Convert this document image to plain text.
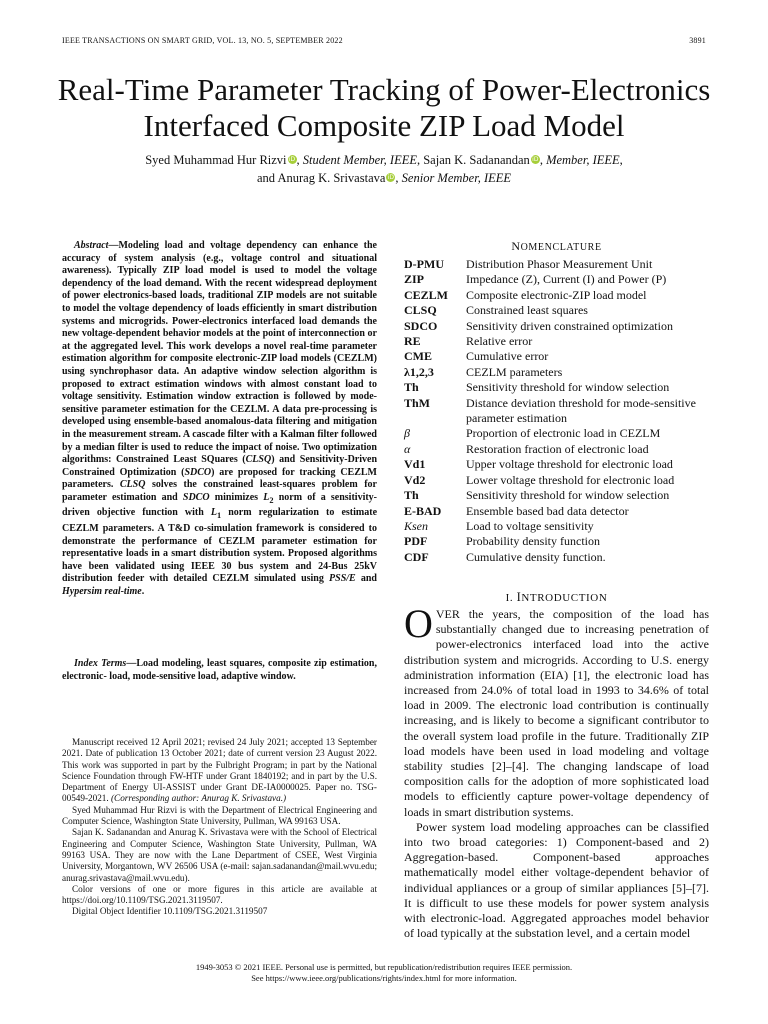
IEEE TRANSACTIONS ON SMART GRID, VOL. 13, NO. 5, SEPTEMBER 2022	3891
Real-Time Parameter Tracking of Power-Electronics
Interfaced Composite ZIP Load Model
Syed Muhammad Hur Rizvi iD, Student Member, IEEE, Sajan K. Sadanandan iD, Member, IEEE,
and Anurag K. Srivastava iD, Senior Member, IEEE
Abstract—Modeling load and voltage dependency can enhance the accuracy of system analysis (e.g., voltage control and situational awareness). Typically ZIP load model is used to model the voltage dependency of the load demand. With the recent widespread deployment of power electronics-based loads, traditional ZIP models are not suitable to model the voltage dependency of loads efficiently in smart distribution systems and microgrids. Power-electronics interfaced load demands the new voltage-dependent behavior models at the point of interconnection or at the aggregated level. This work develops a novel real-time parameter estimation algorithm for composite electronic-ZIP load models (CEZLM) using synchrophasor data. An adaptive window selection algorithm is proposed to extract estimation windows with almost constant load to voltage sensitivity. Estimation window extraction is followed by mode-sensitive parameter estimation for the CEZLM. A data pre-processing is developed using ensemble-based anomalous-data filtering and mitigation in the measurement stream. A cascade filter with a Kalman filter followed by a median filter is used to reduce the impact of noise. Two optimization algorithms: Constrained Least SQuares (CLSQ) and Sensitivity-Driven Constrained Optimization (SDCO) are proposed for tracking CEZLM parameters. CLSQ solves the constrained least-squares problem for parameter estimation and SDCO minimizes $L_2$ norm of a sensitivity-driven objective function with $L_1$ norm regularization to estimate CEZLM parameters. A T&D co-simulation framework is considered to demonstrate the performance of CEZLM parameter estimation for representative loads in a smart distribution system. Proposed algorithms have been validated using IEEE 30 bus system and 24-Bus 25kV distribution feeder with detailed CEZLM simulated using PSS/E and Hypersim real-time.
Index Terms—Load modeling, least squares, composite zip estimation, electronic- load, mode-sensitive load, adaptive window.

Manuscript received 12 April 2021; revised 24 July 2021; accepted 13 September 2021. Date of publication 13 October 2021; date of current version 23 August 2022. This work was supported in part by the Fulbright Program; in part by the National Science Foundation through FW-HTF under Grant 1840192; and in part by the U.S. Department of Energy UI-ASSIST under Grant DE-IA0000025. Paper no. TSG-00549-2021. (Corresponding author: Anurag K. Srivastava.)

Syed Muhammad Hur Rizvi is with the Department of Electrical Engineering and Computer Science, Washington State University, Pullman, WA 99163 USA.

Sajan K. Sadanandan and Anurag K. Srivastava were with the School of Electrical Engineering and Computer Science, Washington State University, Pullman, WA 99163 USA. They are now with the Lane Department of CSEE, West Virginia University, Morgantown, WV 26506 USA (e-mail: sajan.sadanandan@mail.wvu.edu; anurag.srivastava@mail.wvu.edu).

Color versions of one or more figures in this article are available at https://doi.org/10.1109/TSG.2021.3119507.

Digital Object Identifier 10.1109/TSG.2021.3119507

NOMENCLATURE
D-PMU	Distribution Phasor Measurement Unit
ZIP	Impedance (Z), Current (I) and Power (P)
CEZLM	Composite electronic-ZIP load model
CLSQ	Constrained least squares
SDCO	Sensitivity driven constrained optimization
RE	Relative error
CME	Cumulative error
λ1,2,3	CEZLM parameters
Th	Sensitivity threshold for window selection
ThM	Distance deviation threshold for mode-sensitive parameter estimation
β	Proportion of electronic load in CEZLM
α	Restoration fraction of electronic load
Vd1	Upper voltage threshold for electronic load
Vd2	Lower voltage threshold for electronic load
Th	Sensitivity threshold for window selection
E-BAD	Ensemble based bad data detector
Ksen	Load to voltage sensitivity
PDF	Probability density function
CDF	Cumulative density function.
I. INTRODUCTION

OVER the years, the composition of the load has substantially changed due to increasing penetration of power-electronics interfaced load into the active distribution system and microgrids. According to U.S. energy administration information (EIA) [1], the electronic load has increased from 24.0% of total load in 1993 to 34.6% of total load in 2009. The electronic load contribution is continually increasing, and is likely to become a significant contributor to the overall system load profile in the future. Traditionally ZIP load models have been used in load modeling and voltage stability studies [2]–[4]. The changing landscape of load composition calls for the adoption of more sophisticated load models to efficiently capture power-voltage dependency of loads in smart distribution systems.

Power system load modeling approaches can be classified into two broad categories: 1) Component-based and 2) Aggregation-based. Component-based approaches mathematically model either voltage-dependent behavior of individual appliances or a group of similar appliances [5]–[7]. It is difficult to use these models for power system analysis with electronic-load. Aggregated approaches model behavior of load typically at the substation level, and a certain model

1949-3053 © 2021 IEEE. Personal use is permitted, but republication/redistribution requires IEEE permission.
See https://www.ieee.org/publications/rights/index.html for more information.
